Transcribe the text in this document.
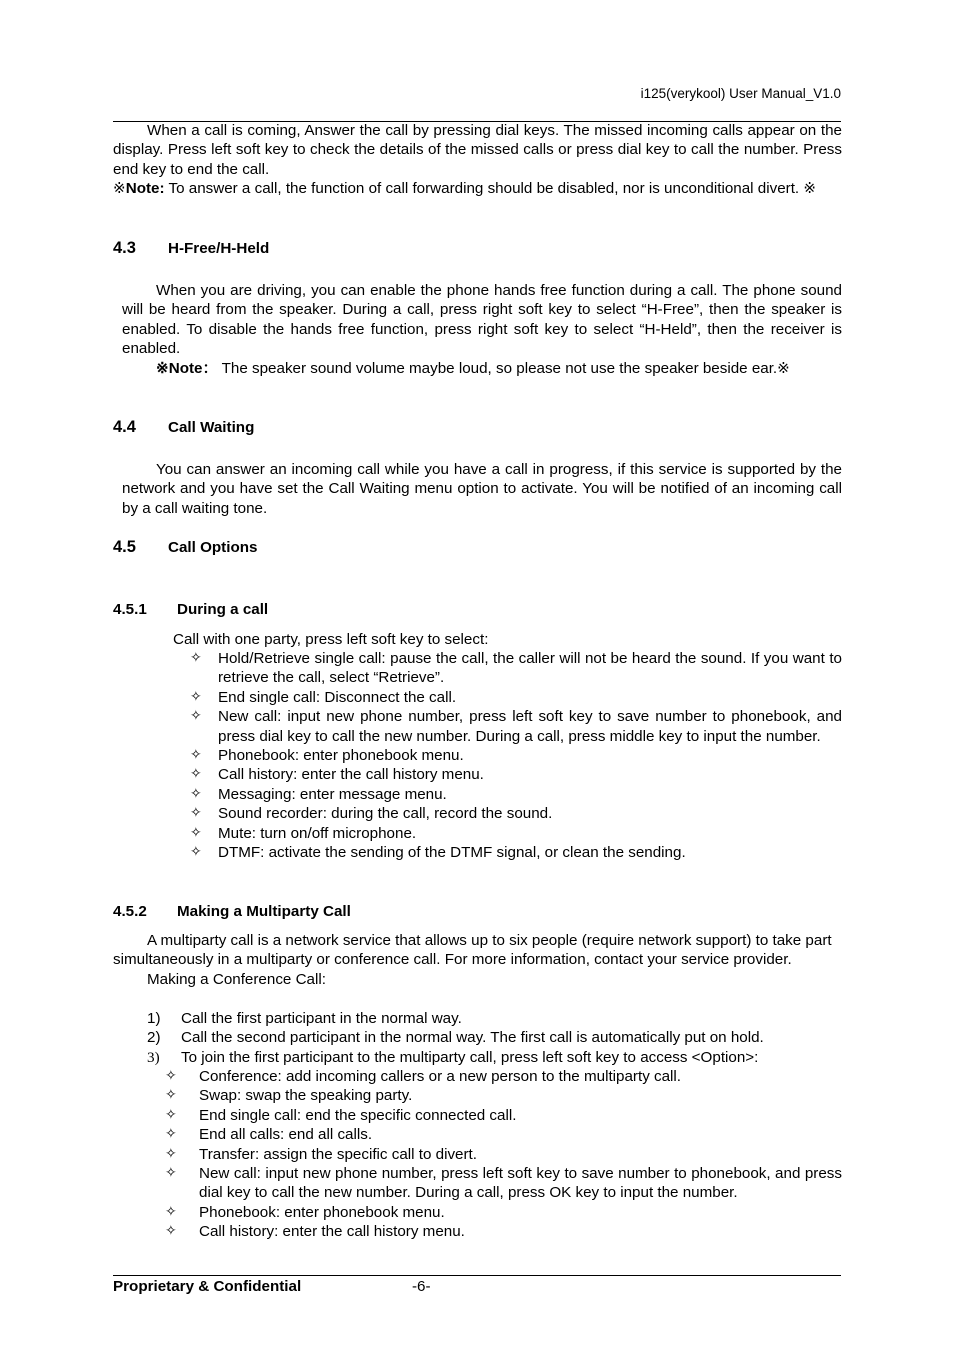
i125(verykool) User Manual_V1.0

When a call is coming, Answer the call by pressing dial keys. The missed incoming calls appear on the display. Press left soft key to check the details of the missed calls or press dial key to call the number. Press end key to end the call.

※Note: To answer a call, the function of call forwarding should be disabled, nor is unconditional divert. ※

4.3	H-Free/H-Held

When you are driving, you can enable the phone hands free function during a call. The phone sound will be heard from the speaker. During a call, press right soft key to select “H-Free”, then the speaker is enabled. To disable the hands free function, press right soft key to select “H-Held”, then the receiver is enabled.

※Note： The speaker sound volume maybe loud, so please not use the speaker beside ear.※

4.4	Call Waiting

You can answer an incoming call while you have a call in progress, if this service is supported by the network and you have set the Call Waiting menu option to activate. You will be notified of an incoming call by a call waiting tone.

4.5	Call Options
4.5.1	During a call

Call with one party, press left soft key to select:

✧	Hold/Retrieve single call: pause the call, the caller will not be heard the sound. If you want to retrieve the call, select “Retrieve”.
✧	End single call: Disconnect the call.
✧	New call: input new phone number, press left soft key to save number to phonebook, and press dial key to call the new number. During a call, press middle key to input the number.
✧	Phonebook: enter phonebook menu.
✧	Call history: enter the call history menu.
✧	Messaging: enter message menu.
✧	Sound recorder: during the call, record the sound.
✧	Mute: turn on/off microphone.
✧	DTMF: activate the sending of the DTMF signal, or clean the sending.
4.5.2	Making a Multiparty Call

A multiparty call is a network service that allows up to six people (require network support) to take part simultaneously in a multiparty or conference call. For more information, contact your service provider.

Making a Conference Call:

1)	Call the first participant in the normal way.
2)	Call the second participant in the normal way. The first call is automatically put on hold.
3)	To join the first participant to the multiparty call, press left soft key to access <Option>:
✧	Conference: add incoming callers or a new person to the multiparty call.
✧	Swap: swap the speaking party.
✧	End single call: end the specific connected call.
✧	End all calls: end all calls.
✧	Transfer: assign the specific call to divert.
✧	New call: input new phone number, press left soft key to save number to phonebook, and press dial key to call the new number. During a call, press OK key to input the number.
✧	Phonebook: enter phonebook menu.
✧	Call history: enter the call history menu.
Proprietary & Confidential	-6-
